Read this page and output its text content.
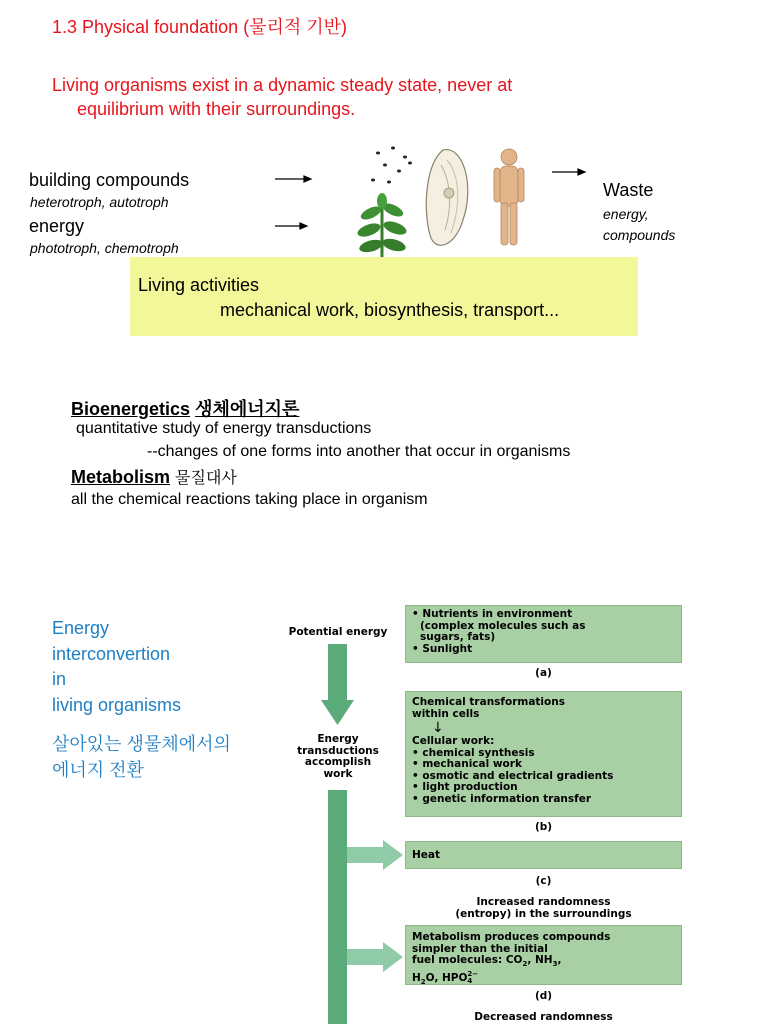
1.3 Physical foundation (물리적 기반)
Living organisms exist in a dynamic steady state, never at
equilibrium with their surroundings.
building compounds
heterotroph, autotroph
energy
phototroph, chemotroph
Waste
energy,
compounds
Living activities
mechanical work, biosynthesis, transport...
Bioenergetics 생체에너지론
quantitative study of energy transductions
--changes of one forms into another that occur in organisms
Metabolism 물질대사
all the chemical reactions taking place in organism
Energy
interconvertion
in
living organisms
살아있는 생물체에서의
에너지 전환
Potential energy
Energy
transductions
accomplish
work
• Nutrients in environment
(complex molecules such as
sugars, fats)
• Sunlight
(a)
Chemical transformations
within cells
↓
Cellular work:
• chemical synthesis
• mechanical work
• osmotic and electrical gradients
• light production
• genetic information transfer
(b)
Heat
(c)
Increased randomness
(entropy) in the surroundings
Metabolism produces compounds
simpler than the initial
fuel molecules: $CO_2$, $NH_3$,
$H_2O$, HPO 2−
4
(d)
Decreased randomness
